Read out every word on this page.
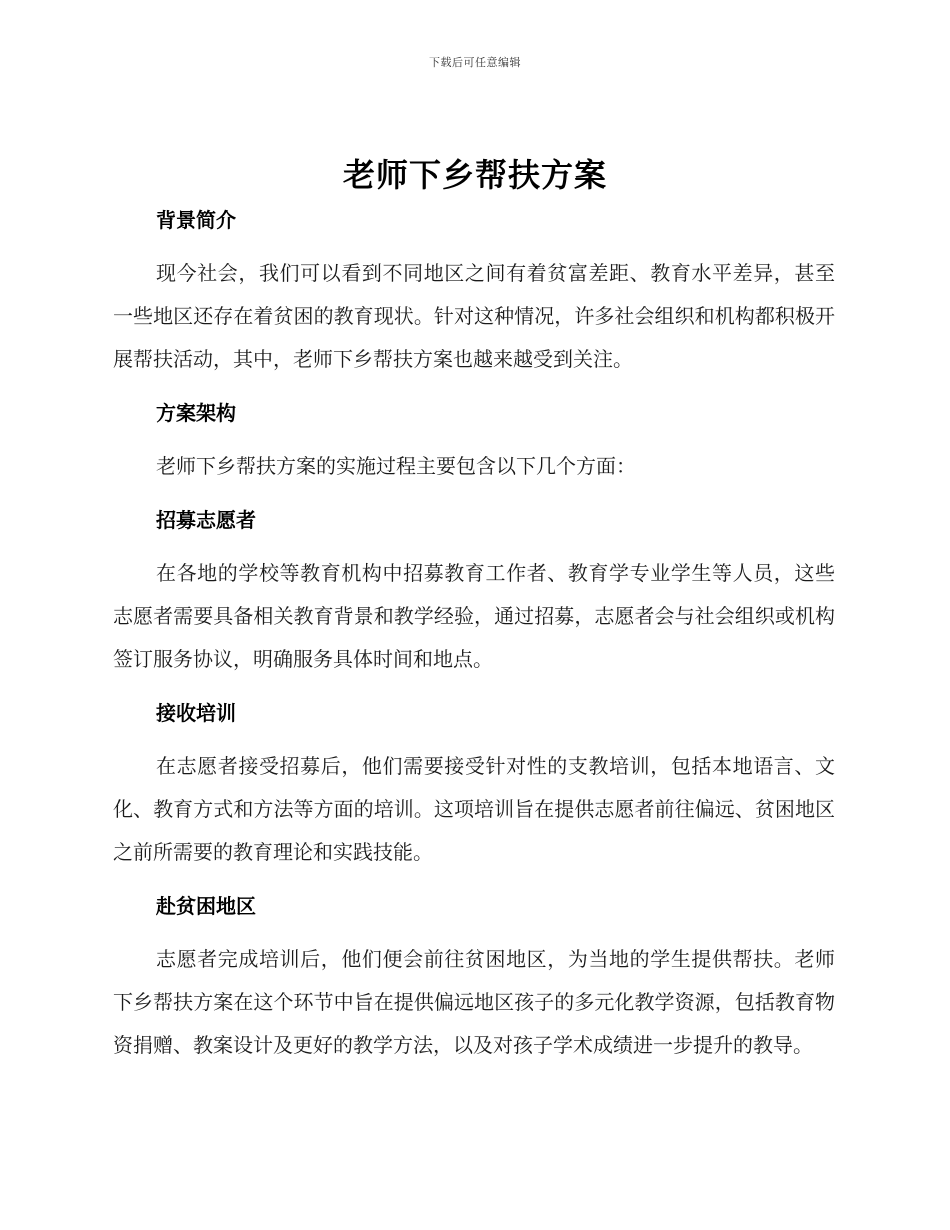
下载后可任意编辑
老师下乡帮扶方案
背景简介

现今社会，我们可以看到不同地区之间有着贫富差距、教育水平差异，甚至一些地区还存在着贫困的教育现状。针对这种情况，许多社会组织和机构都积极开展帮扶活动，其中，老师下乡帮扶方案也越来越受到关注。

方案架构

老师下乡帮扶方案的实施过程主要包含以下几个方面：

招募志愿者

在各地的学校等教育机构中招募教育工作者、教育学专业学生等人员，这些志愿者需要具备相关教育背景和教学经验，通过招募，志愿者会与社会组织或机构签订服务协议，明确服务具体时间和地点。

接收培训

在志愿者接受招募后，他们需要接受针对性的支教培训，包括本地语言、文化、教育方式和方法等方面的培训。这项培训旨在提供志愿者前往偏远、贫困地区之前所需要的教育理论和实践技能。

赴贫困地区

志愿者完成培训后，他们便会前往贫困地区，为当地的学生提供帮扶。老师下乡帮扶方案在这个环节中旨在提供偏远地区孩子的多元化教学资源，包括教育物资捐赠、教案设计及更好的教学方法，以及对孩子学术成绩进一步提升的教导。
